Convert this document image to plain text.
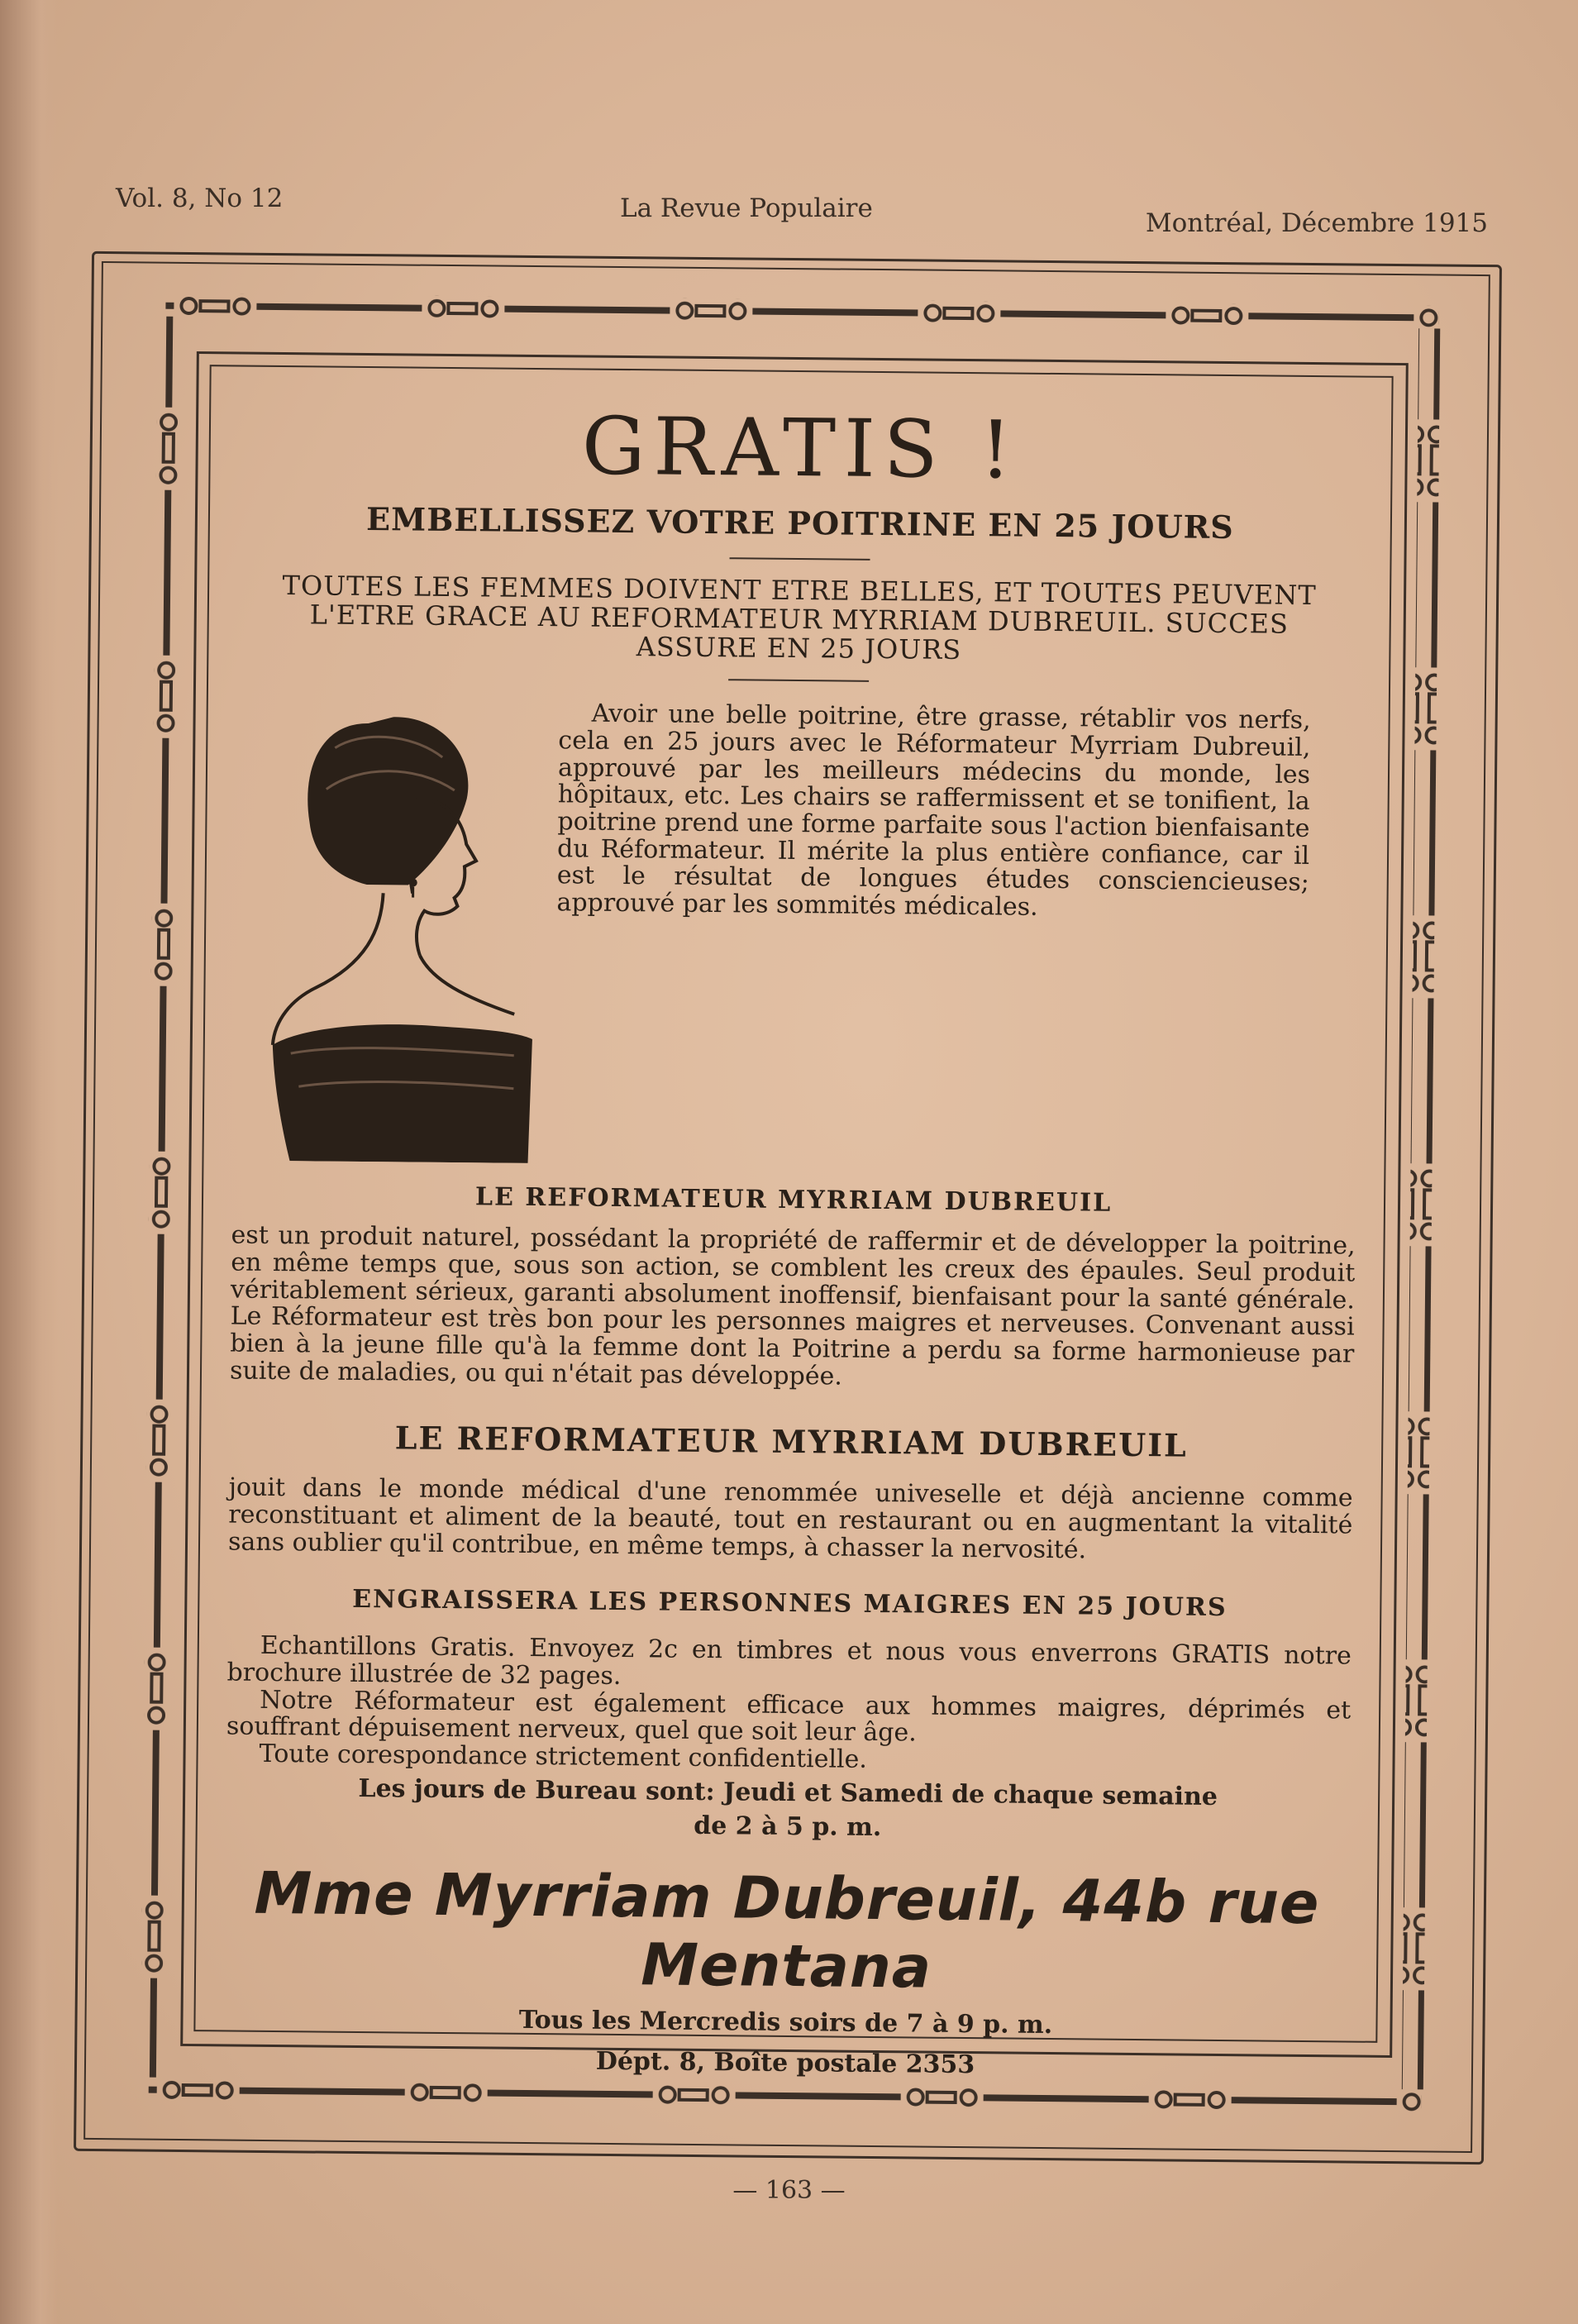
Vol. 8, No 12	La Revue Populaire	Montréal, Décembre 1915
GRATIS !
EMBELLISSEZ VOTRE POITRINE EN 25 JOURS
TOUTES LES FEMMES DOIVENT ETRE BELLES, ET TOUTES PEUVENT L'ETRE GRACE AU REFORMATEUR MYRRIAM DUBREUIL. SUCCES ASSURE EN 25 JOURS
Avoir une belle poitrine, être grasse, rétablir vos nerfs, cela en 25 jours avec le Réformateur Myrriam Dubreuil, approuvé par les meilleurs médecins du monde, les hôpitaux, etc. Les chairs se raffermissent et se tonifient, la poitrine prend une forme parfaite sous l'action bienfaisante du Réformateur. Il mérite la plus entière confiance, car il est le résultat de longues études consciencieuses; approuvé par les sommités médicales.
LE REFORMATEUR MYRRIAM DUBREUIL

est un produit naturel, possédant la propriété de raffermir et de développer la poitrine, en même temps que, sous son action, se comblent les creux des épaules. Seul produit véritablement sérieux, garanti absolument inoffensif, bienfaisant pour la santé générale. Le Réformateur est très bon pour les personnes maigres et nerveuses. Convenant aussi bien à la jeune fille qu'à la femme dont la Poitrine a perdu sa forme harmonieuse par suite de maladies, ou qui n'était pas développée.

LE REFORMATEUR MYRRIAM DUBREUIL

jouit dans le monde médical d'une renommée univeselle et déjà ancienne comme reconstituant et aliment de la beauté, tout en restaurant ou en augmentant la vitalité sans oublier qu'il contribue, en même temps, à chasser la nervosité.

ENGRAISSERA LES PERSONNES MAIGRES EN 25 JOURS

Echantillons Gratis. Envoyez 2c en timbres et nous vous enverrons GRATIS notre brochure illustrée de 32 pages.

Notre Réformateur est également efficace aux hommes maigres, déprimés et souffrant dépuisement nerveux, quel que soit leur âge.

Toute corespondance strictement confidentielle.

Les jours de Bureau sont: Jeudi et Samedi de chaque semaine
de 2 à 5 p. m.
Mme Myrriam Dubreuil, 44b rue Mentana
Tous les Mercredis soirs de 7 à 9 p. m.
Dépt. 8, Boîte postale 2353
— 163 —
